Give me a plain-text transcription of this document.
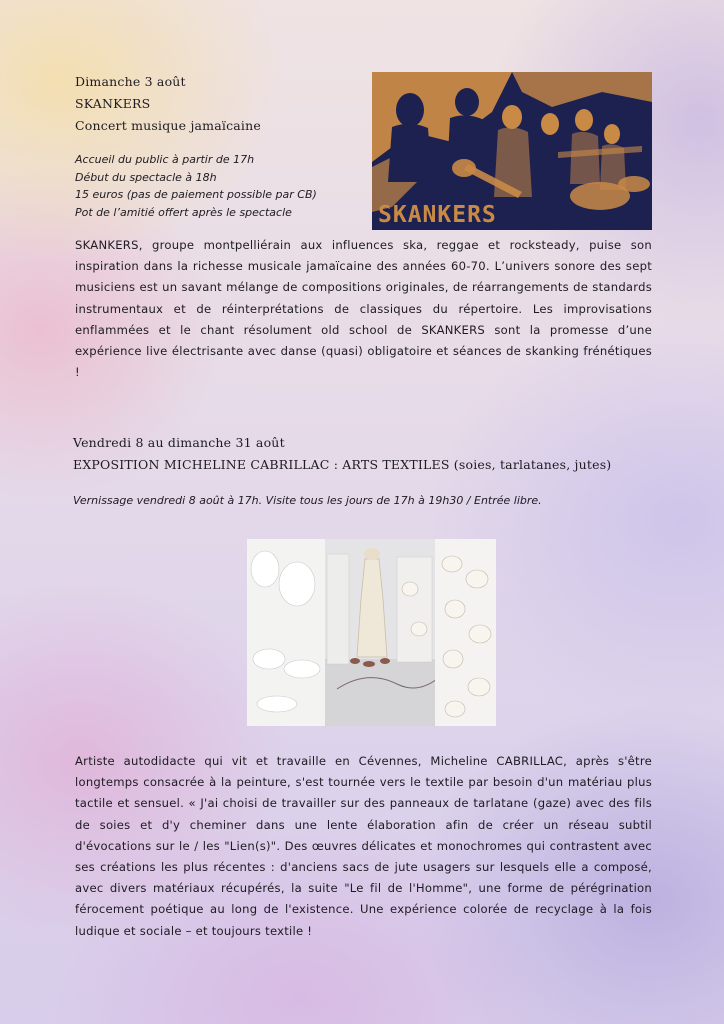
Dimanche 3 août
SKANKERS
Concert musique jamaïcaine
Accueil du public à partir de 17h
Début du spectacle à 18h
15 euros (pas de paiement possible par CB)
Pot de l’amitié offert après le spectacle	SKANKERS

SKANKERS, groupe montpelliérain aux influences ska, reggae et rocksteady, puise son inspiration dans la richesse musicale jamaïcaine des années 60-70. L’univers sonore des sept musiciens est un savant mélange de compositions originales, de réarrangements de standards instrumentaux et de réinterprétations de classiques du répertoire. Les improvisations enflammées et le chant résolument old school de SKANKERS sont la promesse d’une expérience live électrisante avec danse (quasi) obligatoire et séances de skanking frénétiques !

Vendredi 8 au dimanche 31 août
EXPOSITION MICHELINE CABRILLAC : ARTS TEXTILES (soies, tarlatanes, jutes)
Vernissage vendredi 8 août à 17h. Visite tous les jours de 17h à 19h30 / Entrée libre.

Artiste autodidacte qui vit et travaille en Cévennes, Micheline CABRILLAC, après s'être longtemps consacrée à la peinture, s'est tournée vers le textile par besoin d'un matériau plus tactile et sensuel. « J'ai choisi de travailler sur des panneaux de tarlatane (gaze) avec des fils de soies et d'y cheminer dans une lente élaboration afin de créer un réseau subtil d'évocations sur le / les "Lien(s)". Des œuvres délicates et monochromes qui contrastent avec ses créations les plus récentes : d'anciens sacs de jute usagers sur lesquels elle a composé, avec divers matériaux récupérés, la suite "Le fil de l'Homme", une forme de pérégrination férocement poétique au long de l'existence. Une expérience colorée de recyclage à la fois ludique et sociale – et toujours textile !
